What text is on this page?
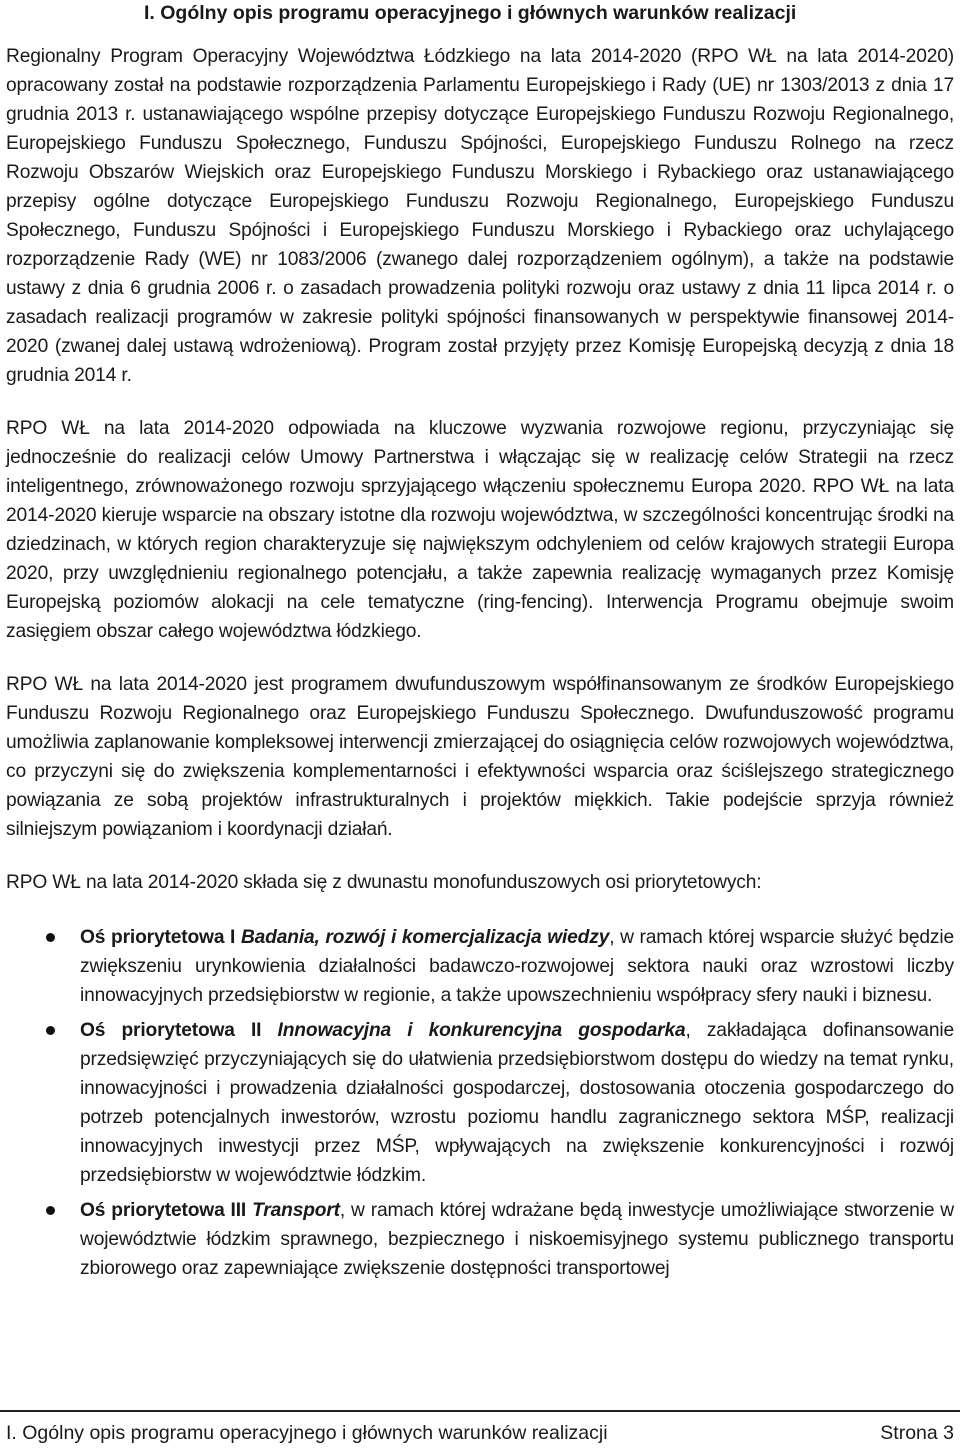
I. Ogólny opis programu operacyjnego i głównych warunków realizacji

Regionalny Program Operacyjny Województwa Łódzkiego na lata 2014-2020 (RPO WŁ na lata 2014-2020) opracowany został na podstawie rozporządzenia Parlamentu Europejskiego i Rady (UE) nr 1303/2013 z dnia 17 grudnia 2013 r. ustanawiającego wspólne przepisy dotyczące Europejskiego Funduszu Rozwoju Regionalnego, Europejskiego Funduszu Społecznego, Funduszu Spójności, Europejskiego Funduszu Rolnego na rzecz Rozwoju Obszarów Wiejskich oraz Europejskiego Funduszu Morskiego i Rybackiego oraz ustanawiającego przepisy ogólne dotyczące Europejskiego Funduszu Rozwoju Regionalnego, Europejskiego Funduszu Społecznego, Funduszu Spójności i Europejskiego Funduszu Morskiego i Rybackiego oraz uchylającego rozporządzenie Rady (WE) nr 1083/2006 (zwanego dalej rozporządzeniem ogólnym), a także na podstawie ustawy z dnia 6 grudnia 2006 r. o zasadach prowadzenia polityki rozwoju oraz ustawy z dnia 11 lipca 2014 r. o zasadach realizacji programów w zakresie polityki spójności finansowanych w perspektywie finansowej 2014-2020 (zwanej dalej ustawą wdrożeniową). Program został przyjęty przez Komisję Europejską decyzją z dnia 18 grudnia 2014 r.

RPO WŁ na lata 2014-2020 odpowiada na kluczowe wyzwania rozwojowe regionu, przyczyniając się jednocześnie do realizacji celów Umowy Partnerstwa i włączając się w realizację celów Strategii na rzecz inteligentnego, zrównoważonego rozwoju sprzyjającego włączeniu społecznemu Europa 2020. RPO WŁ na lata 2014-2020 kieruje wsparcie na obszary istotne dla rozwoju województwa, w szczególności koncentrując środki na dziedzinach, w których region charakteryzuje się największym odchyleniem od celów krajowych strategii Europa 2020, przy uwzględnieniu regionalnego potencjału, a także zapewnia realizację wymaganych przez Komisję Europejską poziomów alokacji na cele tematyczne (ring-fencing). Interwencja Programu obejmuje swoim zasięgiem obszar całego województwa łódzkiego.

RPO WŁ na lata 2014-2020 jest programem dwufunduszowym współfinansowanym ze środków Europejskiego Funduszu Rozwoju Regionalnego oraz Europejskiego Funduszu Społecznego. Dwufunduszowość programu umożliwia zaplanowanie kompleksowej interwencji zmierzającej do osiągnięcia celów rozwojowych województwa, co przyczyni się do zwiększenia komplementarności i efektywności wsparcia oraz ściślejszego strategicznego powiązania ze sobą projektów infrastrukturalnych i projektów miękkich. Takie podejście sprzyja również silniejszym powiązaniom i koordynacji działań.

RPO WŁ na lata 2014-2020 składa się z dwunastu monofunduszowych osi priorytetowych:

Oś priorytetowa I Badania, rozwój i komercjalizacja wiedzy, w ramach której wsparcie służyć będzie zwiększeniu urynkowienia działalności badawczo-rozwojowej sektora nauki oraz wzrostowi liczby innowacyjnych przedsiębiorstw w regionie, a także upowszechnieniu współpracy sfery nauki i biznesu.
Oś priorytetowa II Innowacyjna i konkurencyjna gospodarka, zakładająca dofinansowanie przedsięwzięć przyczyniających się do ułatwienia przedsiębiorstwom dostępu do wiedzy na temat rynku, innowacyjności i prowadzenia działalności gospodarczej, dostosowania otoczenia gospodarczego do potrzeb potencjalnych inwestorów, wzrostu poziomu handlu zagranicznego sektora MŚP, realizacji innowacyjnych inwestycji przez MŚP, wpływających na zwiększenie konkurencyjności i rozwój przedsiębiorstw w województwie łódzkim.
Oś priorytetowa III Transport, w ramach której wdrażane będą inwestycje umożliwiające stworzenie w województwie łódzkim sprawnego, bezpiecznego i niskoemisyjnego systemu publicznego transportu zbiorowego oraz zapewniające zwiększenie dostępności transportowej
I. Ogólny opis programu operacyjnego i głównych warunków realizacji	Strona 3
